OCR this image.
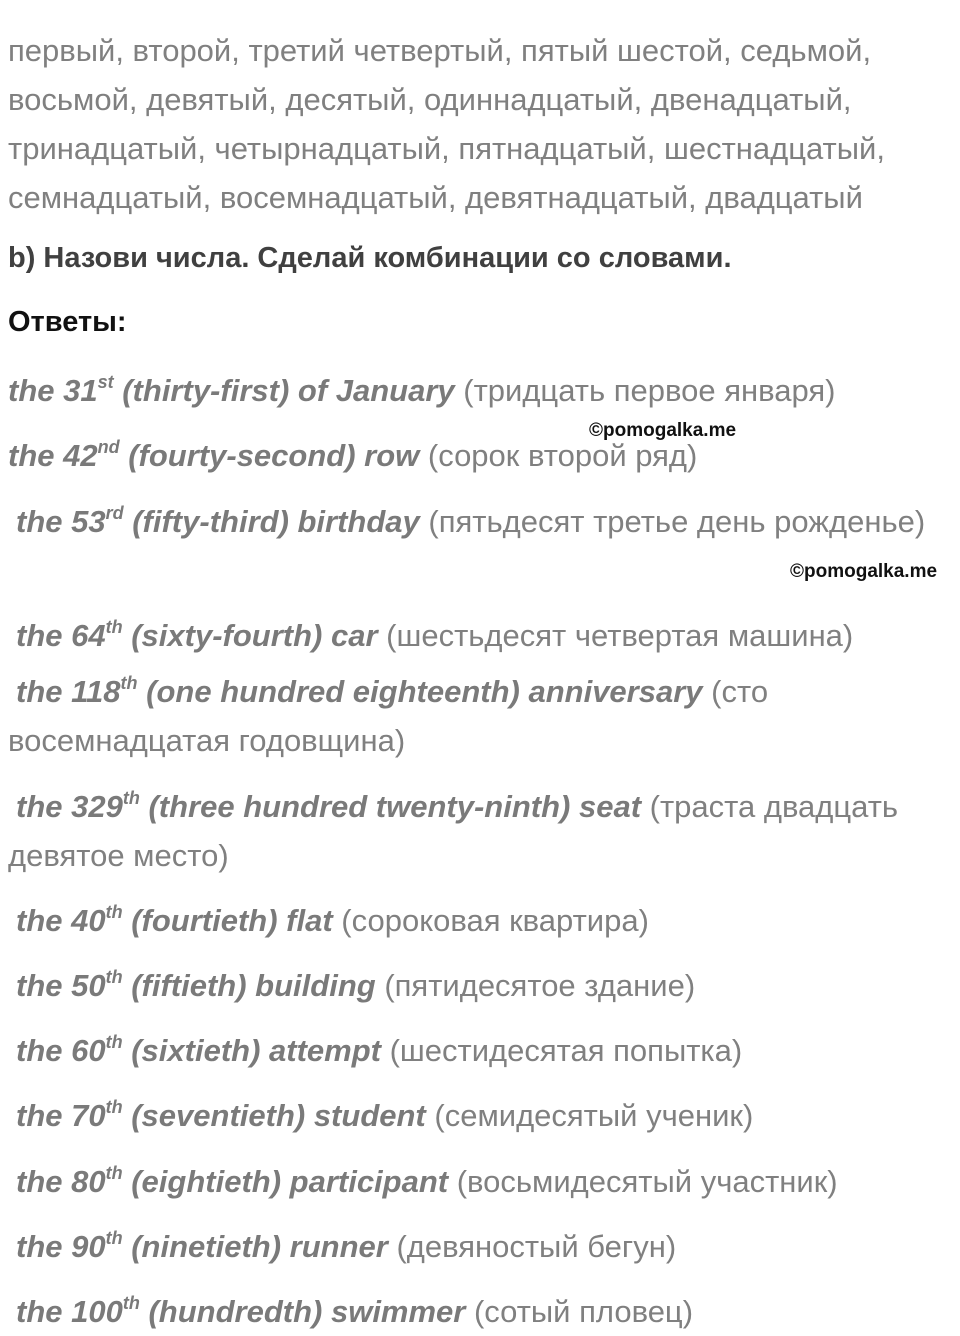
первый, второй, третий четвертый, пятый шестой, седьмой, восьмой, девятый, десятый, одиннадцатый, двенадцатый, тринадцатый, четырнадцатый, пятнадцатый, шестнадцатый, семнадцатый, восемнадцатый, девятнадцатый, двадцатый

b) Назови числа. Сделай комбинации со словами.
Ответы:
the 31st (thirty-first) of January (тридцать первое января)
the 42nd (fourty-second) row (сорок второй ряд)
the 53rd (fifty-third) birthday (пятьдесят третье день рожденье)
the 64th (sixty-fourth) car (шестьдесят четвертая машина)
the 118th (one hundred eighteenth) anniversary (сто восемнадцатая годовщина)
the 329th (three hundred twenty-ninth) seat (траста двадцать девятое место)
the 40th (fourtieth) flat (сороковая квартира)
the 50th (fiftieth) building (пятидесятое здание)
the 60th (sixtieth) attempt (шестидесятая попытка)
the 70th (seventieth) student (семидесятый ученик)
the 80th (eightieth) participant (восьмидесятый участник)
the 90th (ninetieth) runner (девяностый бегун)
the 100th (hundredth) swimmer (сотый пловец)
©pomogalka.me
©pomogalka.me
